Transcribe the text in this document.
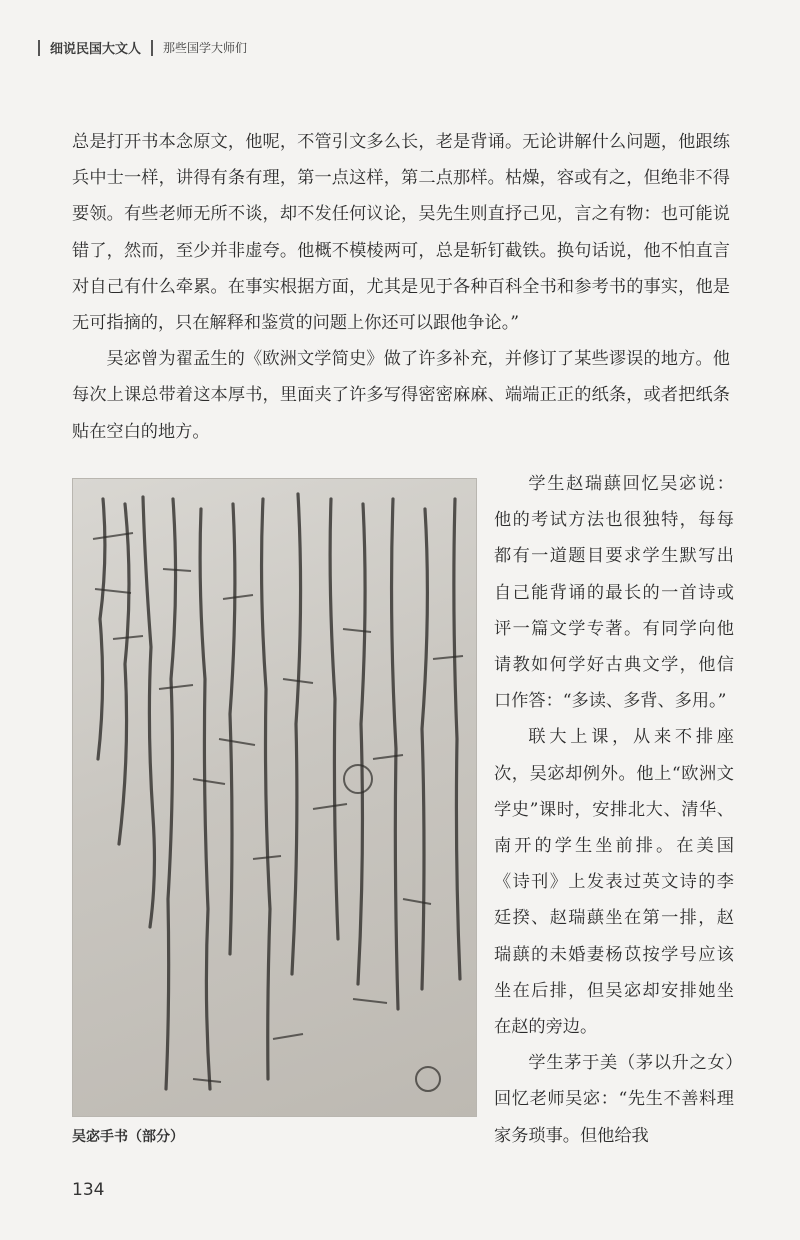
细说民国大文人 那些国学大师们

总是打开书本念原文，他呢，不管引文多么长，老是背诵。无论讲解什么问题，他跟练兵中士一样，讲得有条有理，第一点这样，第二点那样。枯燥，容或有之，但绝非不得要领。有些老师无所不谈，却不发任何议论，吴先生则直抒己见，言之有物：也可能说错了，然而，至少并非虚夸。他概不模棱两可，总是斩钉截铁。换句话说，他不怕直言对自己有什么牵累。在事实根据方面，尤其是见于各种百科全书和参考书的事实，他是无可指摘的，只在解释和鉴赏的问题上你还可以跟他争论。”

吴宓曾为翟孟生的《欧洲文学简史》做了许多补充，并修订了某些谬误的地方。他每次上课总带着这本厚书，里面夹了许多写得密密麻麻、端端正正的纸条，或者把纸条贴在空白的地方。

吴宓手书（部分）

学生赵瑞蕻回忆吴宓说：他的考试方法也很独特，每每都有一道题目要求学生默写出自己能背诵的最长的一首诗或评一篇文学专著。有同学向他请教如何学好古典文学，他信口作答：“多读、多背、多用。”

联大上课，从来不排座次，吴宓却例外。他上“欧洲文学史”课时，安排北大、清华、南开的学生坐前排。在美国《诗刊》上发表过英文诗的李廷揆、赵瑞蕻坐在第一排，赵瑞蕻的未婚妻杨苡按学号应该坐在后排，但吴宓却安排她坐在赵的旁边。

学生茅于美（茅以升之女）回忆老师吴宓：“先生不善料理家务琐事。但他给我

134
